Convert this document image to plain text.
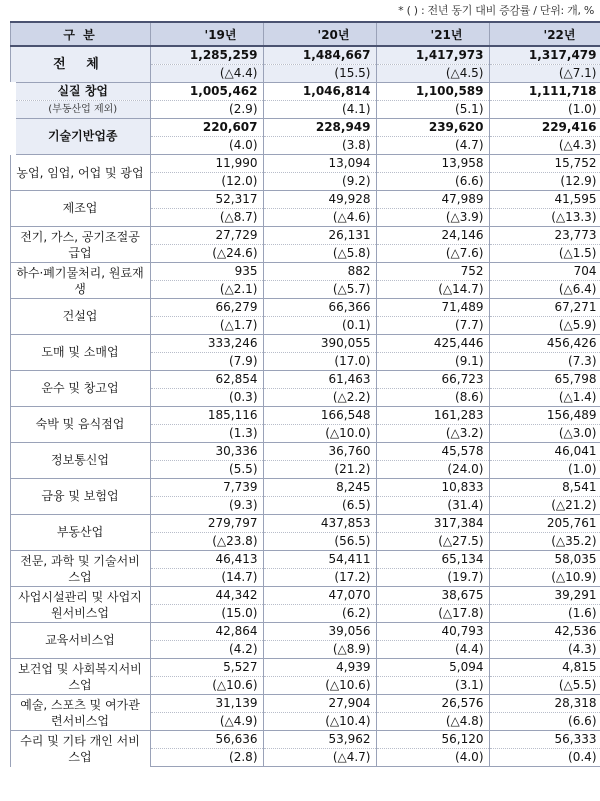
* ( ) : 전년 동기 대비 증감률 / 단위: 개, %
구 분	'19년	'20년	'21년	'22년
전 체	1,285,259	1,484,667	1,417,973	1,317,479
	(△4.4)	(15.5)	(△4.5)	(△7.1)
실질 창업	1,005,462	1,046,814	1,100,589	1,111,718
(부동산업 제외)	(2.9)	(4.1)	(5.1)	(1.0)
기술기반업종	220,607	228,949	239,620	229,416
	(4.0)	(3.8)	(4.7)	(△4.3)
농업, 임업, 어업 및 광업	11,990	13,094	13,958	15,752
	(12.0)	(9.2)	(6.6)	(12.9)
제조업	52,317	49,928	47,989	41,595
	(△8.7)	(△4.6)	(△3.9)	(△13.3)
전기, 가스, 공기조절공급업	27,729	26,131	24,146	23,773
	(△24.6)	(△5.8)	(△7.6)	(△1.5)
하수·폐기물처리, 원료재생	935	882	752	704
	(△2.1)	(△5.7)	(△14.7)	(△6.4)
건설업	66,279	66,366	71,489	67,271
	(△1.7)	(0.1)	(7.7)	(△5.9)
도매 및 소매업	333,246	390,055	425,446	456,426
	(7.9)	(17.0)	(9.1)	(7.3)
운수 및 창고업	62,854	61,463	66,723	65,798
	(0.3)	(△2.2)	(8.6)	(△1.4)
숙박 및 음식점업	185,116	166,548	161,283	156,489
	(1.3)	(△10.0)	(△3.2)	(△3.0)
정보통신업	30,336	36,760	45,578	46,041
	(5.5)	(21.2)	(24.0)	(1.0)
금융 및 보험업	7,739	8,245	10,833	8,541
	(9.3)	(6.5)	(31.4)	(△21.2)
부동산업	279,797	437,853	317,384	205,761
	(△23.8)	(56.5)	(△27.5)	(△35.2)
전문, 과학 및 기술서비스업	46,413	54,411	65,134	58,035
	(14.7)	(17.2)	(19.7)	(△10.9)
사업시설관리 및 사업지원서비스업	44,342	47,070	38,675	39,291
	(15.0)	(6.2)	(△17.8)	(1.6)
교육서비스업	42,864	39,056	40,793	42,536
	(4.2)	(△8.9)	(4.4)	(4.3)
보건업 및 사회복지서비스업	5,527	4,939	5,094	4,815
	(△10.6)	(△10.6)	(3.1)	(△5.5)
예술, 스포츠 및 여가관련서비스업	31,139	27,904	26,576	28,318
	(△4.9)	(△10.4)	(△4.8)	(6.6)
수리 및 기타 개인 서비스업	56,636	53,962	56,120	56,333
	(2.8)	(△4.7)	(4.0)	(0.4)
